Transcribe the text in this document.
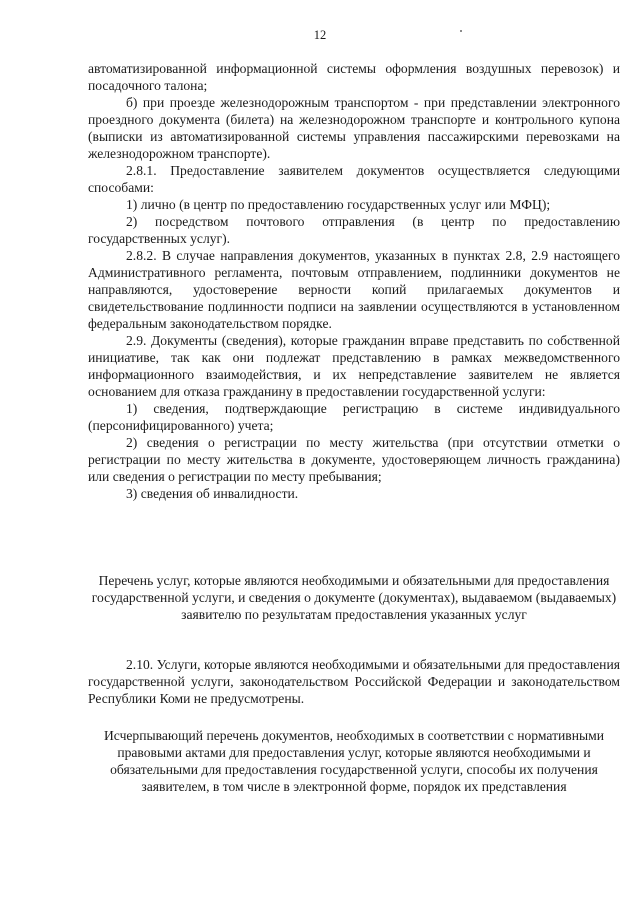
12

автоматизированной информационной системы оформления воздушных перевозок) и посадочного талона;

б) при проезде железнодорожным транспортом - при представлении электронного проездного документа (билета) на железнодорожном транспорте и контрольного купона (выписки из автоматизированной системы управления пассажирскими перевозками на железнодорожном транспорте).

2.8.1. Предоставление заявителем документов осуществляется следующими способами:

1) лично (в центр по предоставлению государственных услуг или МФЦ);

2) посредством почтового отправления (в центр по предоставлению государственных услуг).

2.8.2. В случае направления документов, указанных в пунктах 2.8, 2.9 настоящего Административного регламента, почтовым отправлением, подлинники документов не направляются, удостоверение верности копий прилагаемых документов и свидетельствование подлинности подписи на заявлении осуществляются в установленном федеральным законодательством порядке.

2.9. Документы (сведения), которые гражданин вправе представить по собственной инициативе, так как они подлежат представлению в рамках межведомственного информационного взаимодействия, и их непредставление заявителем не является основанием для отказа гражданину в предоставлении государственной услуги:

1) сведения, подтверждающие регистрацию в системе индивидуального (персонифицированного) учета;

2) сведения о регистрации по месту жительства (при отсутствии отметки о регистрации по месту жительства в документе, удостоверяющем личность гражданина) или сведения о регистрации по месту пребывания;

3) сведения об инвалидности.

Перечень услуг, которые являются необходимыми и обязательными для предоставления государственной услуги, и сведения о документе (документах), выдаваемом (выдаваемых) заявителю по результатам предоставления указанных услуг

2.10. Услуги, которые являются необходимыми и обязательными для предоставления государственной услуги, законодательством Российской Федерации и законодательством Республики Коми не предусмотрены.

Исчерпывающий перечень документов, необходимых в соответствии с нормативными правовыми актами для предоставления услуг, которые являются необходимыми и обязательными для предоставления государственной услуги, способы их получения заявителем, в том числе в электронной форме, порядок их представления
